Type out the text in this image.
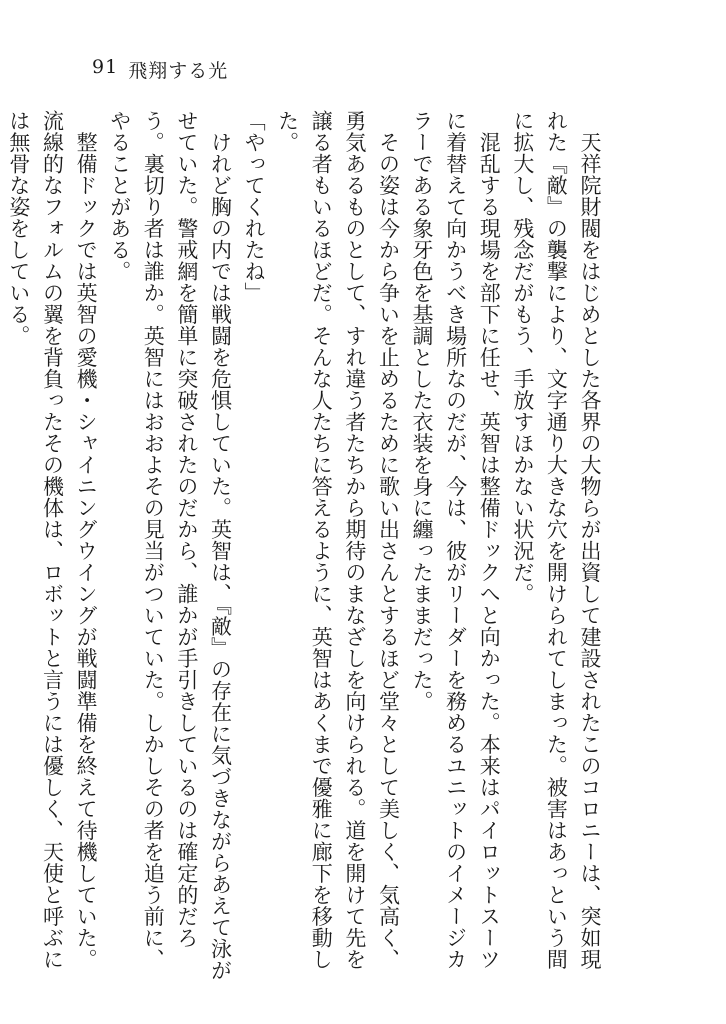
91 飛翔する光

　天祥院財閥をはじめとした各界の大物らが出資して建設されたこのコロニーは、突如現れた『敵』の襲撃により、文字通り大きな穴を開けられてしまった。被害はあっという間に拡大し、残念だがもう、手放すほかない状況だ。

　混乱する現場を部下に任せ、英智は整備ドックへと向かった。本来はパイロットスーツに着替えて向かうべき場所なのだが、今は、彼がリーダーを務めるユニットのイメージカラーである象牙色を基調とした衣装を身に纏ったままだった。

　その姿は今から争いを止めるために歌い出さんとするほど堂々として美しく、気高く、勇気あるものとして、すれ違う者たちから期待のまなざしを向けられる。道を開けて先を譲る者もいるほどだ。そんな人たちに答えるように、英智はあくまで優雅に廊下を移動した。

「やってくれたね」

　けれど胸の内では戦闘を危惧していた。英智は、『敵』の存在に気づきながらあえて泳がせていた。警戒網を簡単に突破されたのだから、誰かが手引きしているのは確定的だろう。裏切り者は誰か。英智にはおおよその見当がついていた。しかしその者を追う前に、やることがある。

　整備ドックでは英智の愛機・シャイニングウイングが戦闘準備を終えて待機していた。流線的なフォルムの翼を背負ったその機体は、ロボットと言うには優しく、天使と呼ぶには無骨な姿をしている。
